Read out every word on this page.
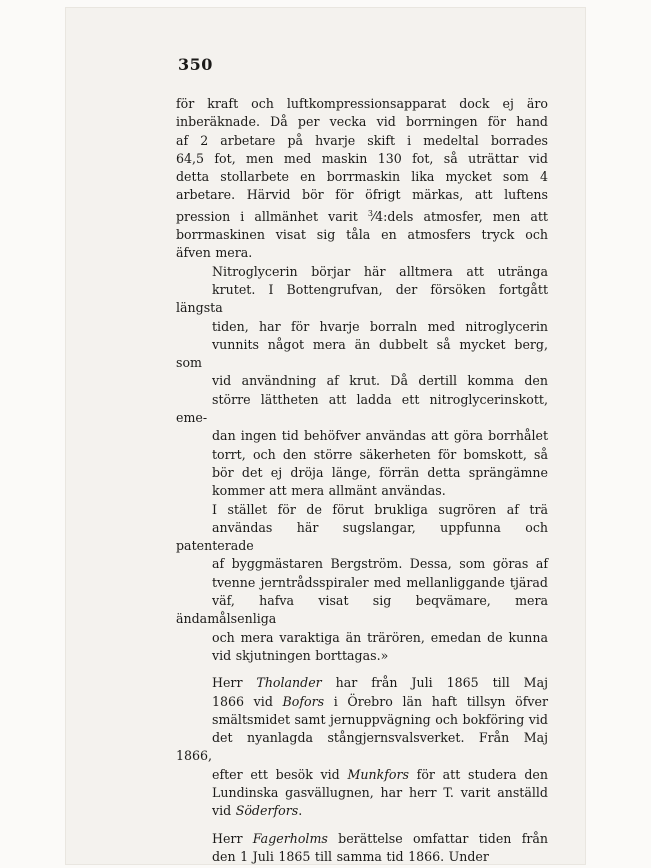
350

för kraft och luftkompressionsapparat dock ej äro
inberäknade. Då per vecka vid borrningen för hand
af 2 arbetare på hvarje skift i medeltal borrades
64,5 fot, men med maskin 130 fot, så uträttar vid
detta stollarbete en borrmaskin lika mycket som 4
arbetare. Härvid bör för öfrigt märkas, att luftens
pression i allmänhet varit $^3$⁄4:dels atmosfer, men att
borrmaskinen visat sig tåla en atmosfers tryck och
äfven mera.

Nitroglycerin börjar här alltmera att utränga
krutet. I Bottengrufvan, der försöken fortgått längsta
tiden, har för hvarje borraln med nitroglycerin
vunnits något mera än dubbelt så mycket berg, som
vid användning af krut. Då dertill komma den
större lättheten att ladda ett nitroglycerinskott, eme-
dan ingen tid behöfver användas att göra borrhålet
torrt, och den större säkerheten för bomskott, så
bör det ej dröja länge, förrän detta sprängämne
kommer att mera allmänt användas.

I stället för de förut brukliga sugrören af trä
användas här sugslangar, uppfunna och patenterade
af byggmästaren Bergström. Dessa, som göras af
tvenne jerntrådsspiraler med mellanliggande tjärad
väf, hafva visat sig beqvämare, mera ändamålsenliga
och mera varaktiga än trärören, emedan de kunna
vid skjutningen borttagas.»

Herr Tholander har från Juli 1865 till Maj
1866 vid Bofors i Örebro län haft tillsyn öfver
smältsmidet samt jernuppvägning och bokföring vid
det nyanlagda stångjernsvalsverket. Från Maj 1866,
efter ett besök vid Munkfors för att studera den
Lundinska gasvällugnen, har herr T. varit anställd
vid Söderfors.

Herr Fagerholms berättelse omfattar tiden från
den 1 Juli 1865 till samma tid 1866. Under
